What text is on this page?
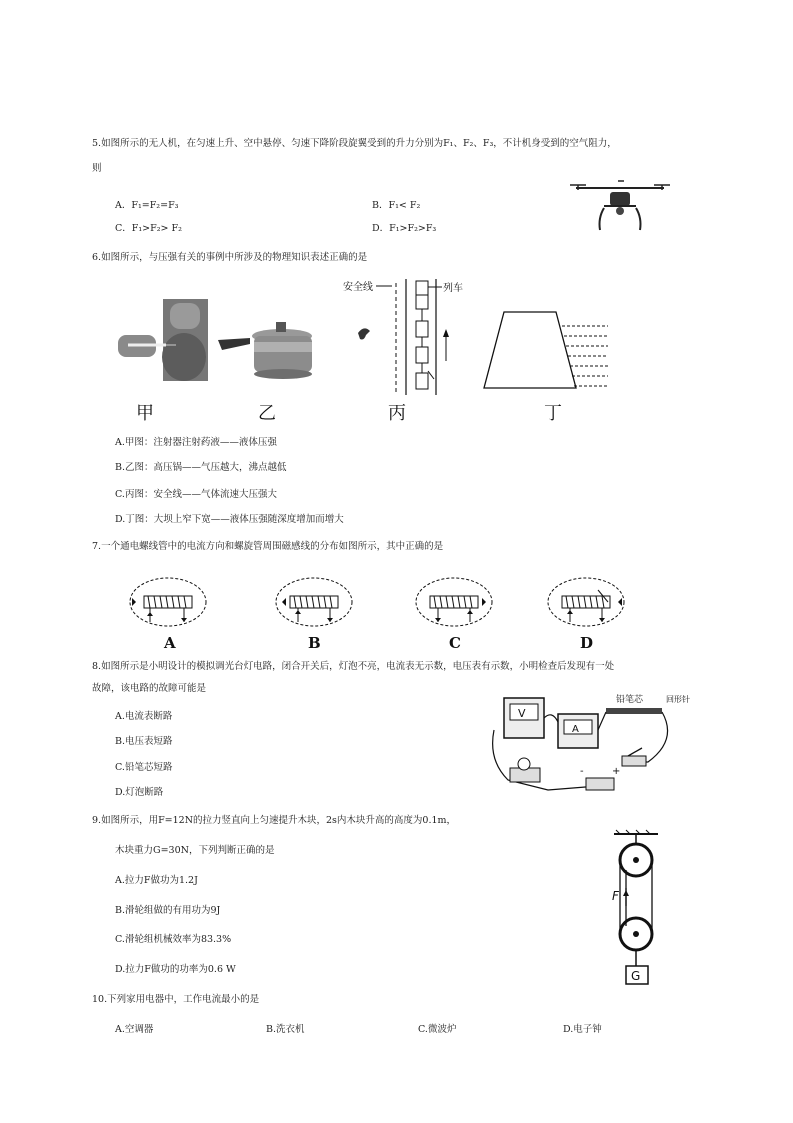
5.如图所示的无人机，在匀速上升、空中悬停、匀速下降阶段旋翼受到的升力分别为F₁、F₂、F₃，不计机身受到的空气阻力，
则
A．F₁=F₂=F₃	B．F₁< F₂
C．F₁>F₂> F₂	D．F₁>F₂>F₃
6.如图所示，与压强有关的事例中所涉及的物理知识表述正确的是
安全线	列车
甲	乙	丙	丁
A.甲图：注射器注射药液——液体压强
B.乙图：高压锅——气压越大，沸点越低
C.丙图：安全线——气体流速大压强大
D.丁图：大坝上窄下宽——液体压强随深度增加而增大
7.一个通电螺线管中的电流方向和螺旋管周围磁感线的分布如图所示，其中正确的是
A	B	C	D
8.如图所示是小明设计的模拟调光台灯电路，闭合开关后，灯泡不亮，电流表无示数，电压表有示数，小明检查后发现有一处
故障，该电路的故障可能是
A.电流表断路
B.电压表短路
C.铅笔芯短路
D.灯泡断路
V
A
铅笔芯	回形针
-	+
9.如图所示，用F=12N的拉力竖直向上匀速提升木块，2s内木块升高的高度为0.1m，
木块重力G=30N，下列判断正确的是
A.拉力F做功为1.2J
B.滑轮组做的有用功为9J
C.滑轮组机械效率为83.3%
D.拉力F做功的功率为0.6 W
F
G
10.下列家用电器中，工作电流最小的是
A.空调器	B.洗衣机	C.微波炉	D.电子钟
